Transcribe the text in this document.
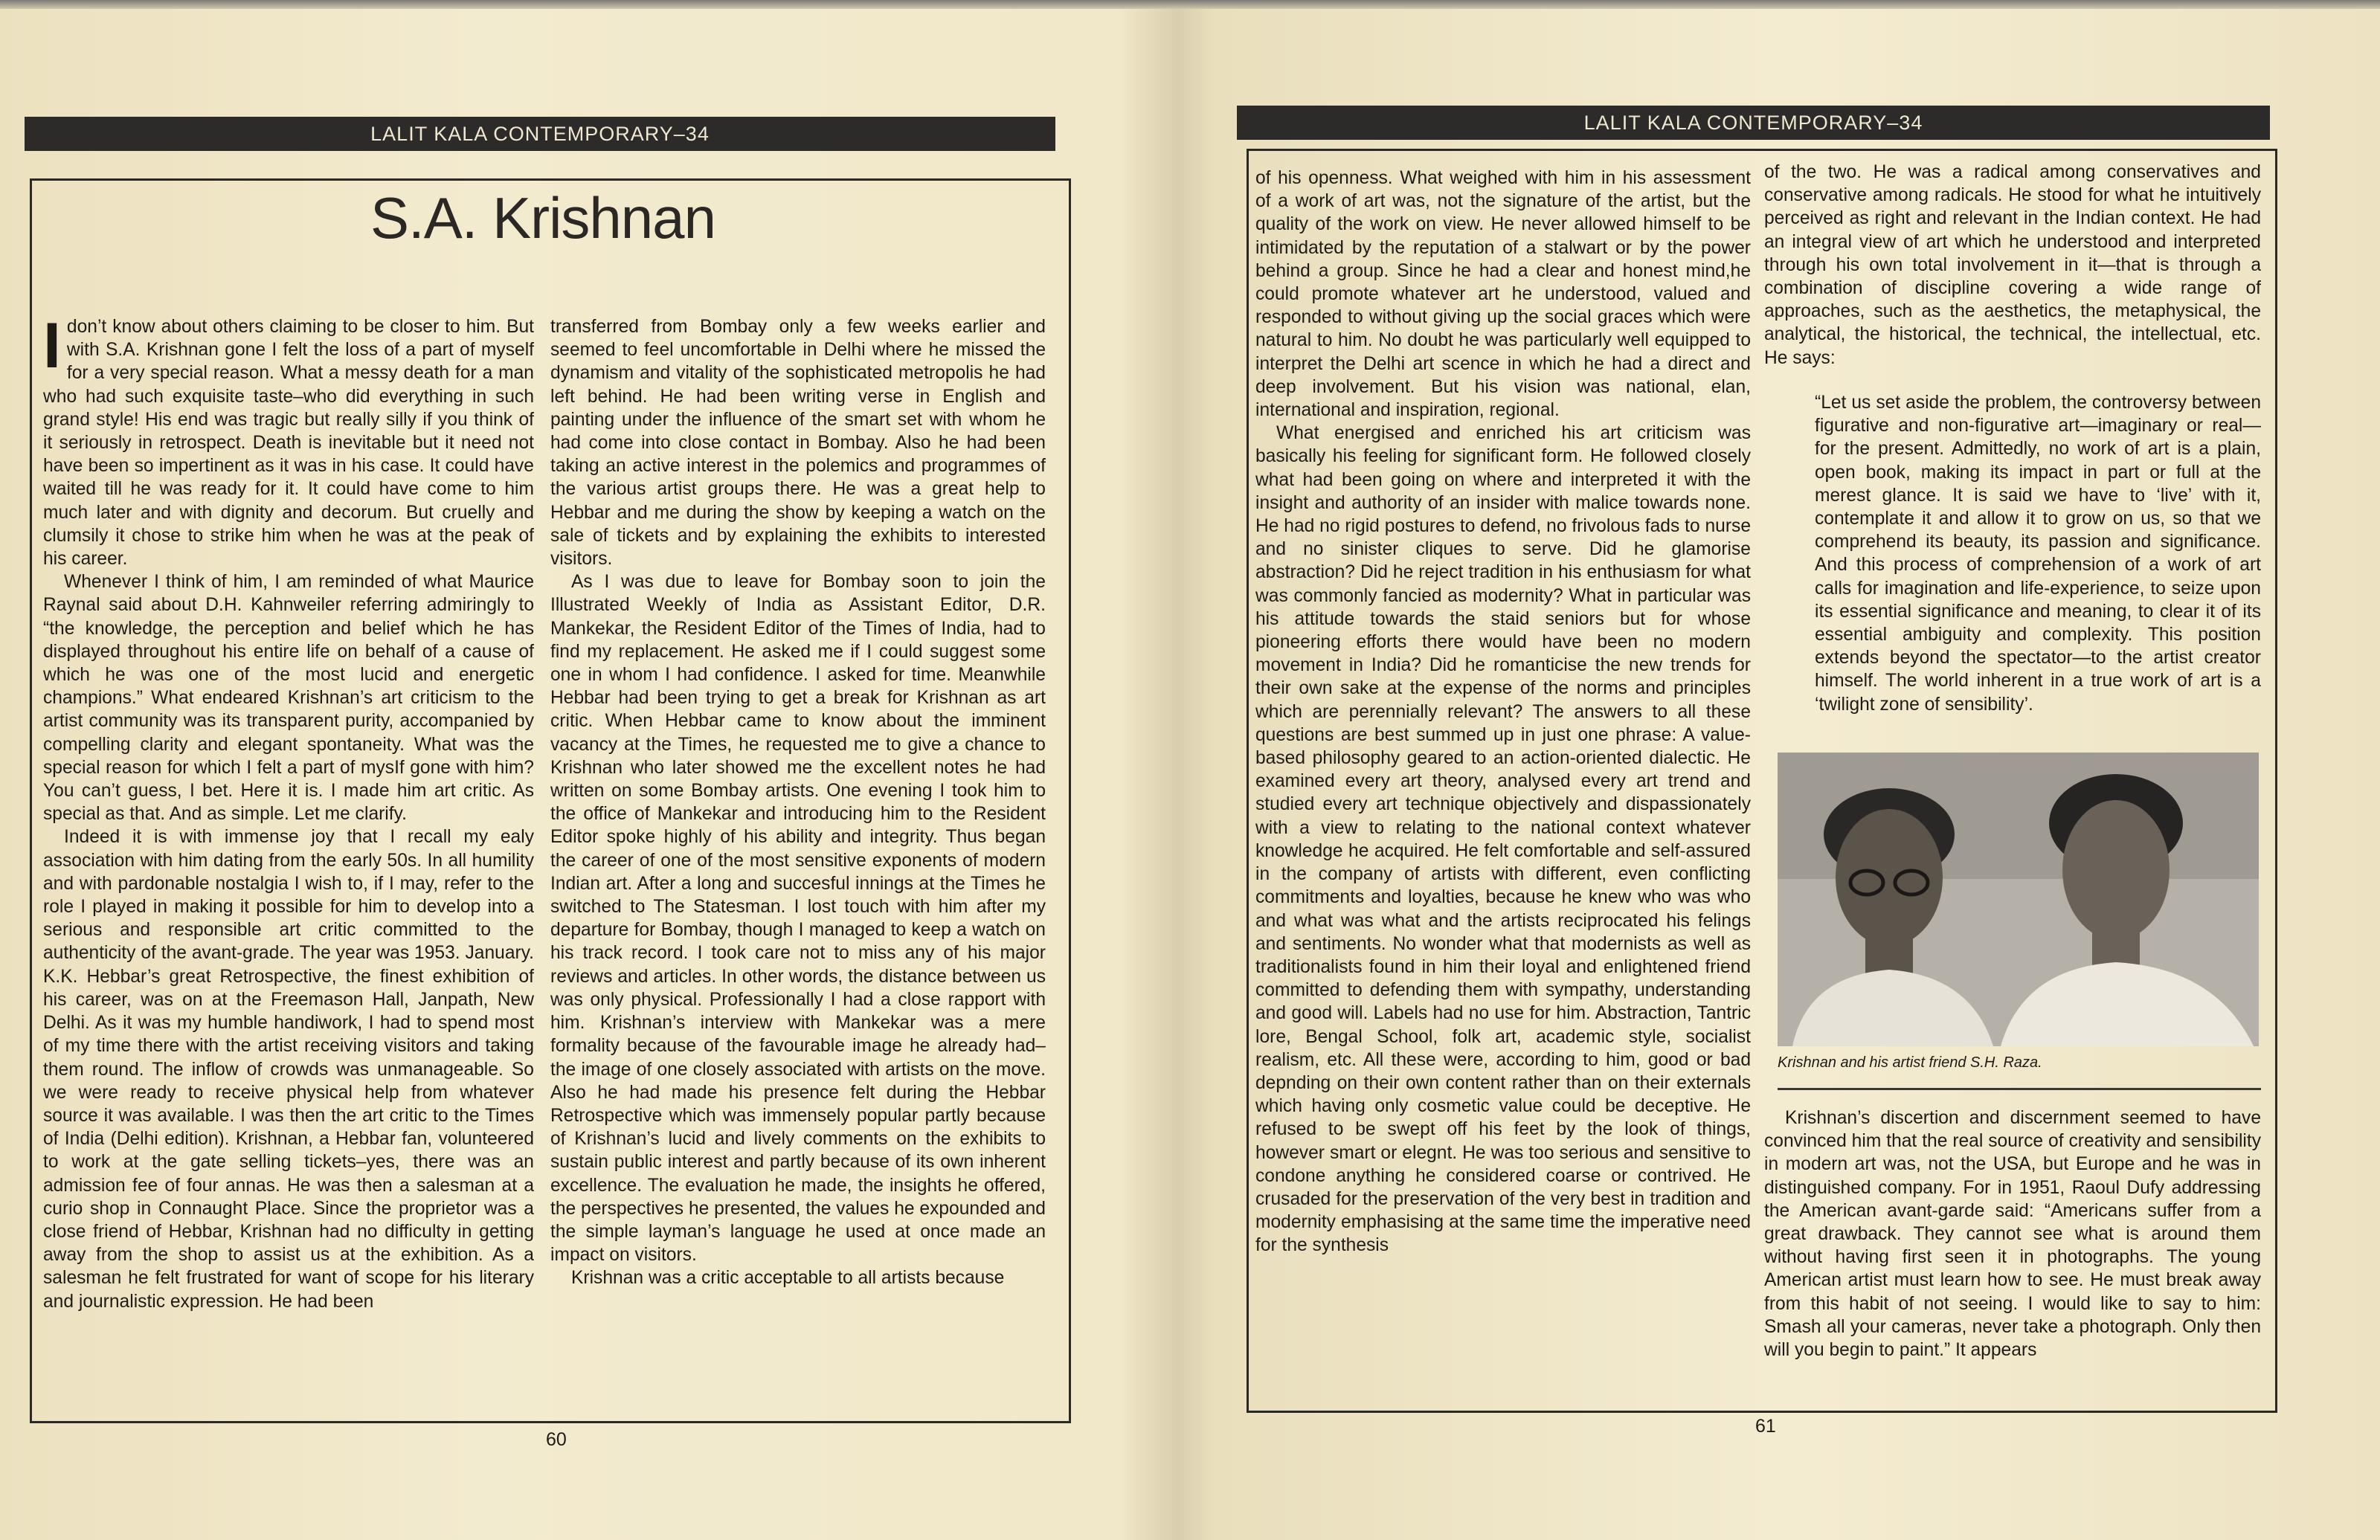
LALIT KALA CONTEMPORARY–34
S.A. Krishnan

Idon’t know about others claiming to be closer to him. But with S.A. Krishnan gone I felt the loss of a part of myself for a very special reason. What a messy death for a man who had such exquisite taste–who did everything in such grand style! His end was tragic but really silly if you think of it seriously in retrospect. Death is inevitable but it need not have been so impertinent as it was in his case. It could have waited till he was ready for it. It could have come to him much later and with dignity and decorum. But cruelly and clumsily it chose to strike him when he was at the peak of his career.

Whenever I think of him, I am reminded of what Maurice Raynal said about D.H. Kahnweiler referring admiringly to “the knowledge, the perception and belief which he has displayed throughout his entire life on behalf of a cause of which he was one of the most lucid and energetic champions.” What endeared Krishnan’s art criticism to the artist community was its transparent purity, accompanied by compelling clarity and elegant spontaneity. What was the special reason for which I felt a part of mysIf gone with him? You can’t guess, I bet. Here it is. I made him art critic. As special as that. And as simple. Let me clarify.

Indeed it is with immense joy that I recall my ealy association with him dating from the early 50s. In all humility and with pardonable nostalgia I wish to, if I may, refer to the role I played in making it possible for him to develop into a serious and responsible art critic committed to the authenticity of the avant-grade. The year was 1953. January. K.K. Hebbar’s great Retrospective, the finest exhibition of his career, was on at the Freemason Hall, Janpath, New Delhi. As it was my humble handiwork, I had to spend most of my time there with the artist receiving visitors and taking them round. The inflow of crowds was unmanageable. So we were ready to receive physical help from whatever source it was available. I was then the art critic to the Times of India (Delhi edition). Krishnan, a Hebbar fan, volunteered to work at the gate selling tickets–yes, there was an admission fee of four annas. He was then a salesman at a curio shop in Connaught Place. Since the proprietor was a close friend of Hebbar, Krishnan had no difficulty in getting away from the shop to assist us at the exhibition. As a salesman he felt frustrated for want of scope for his literary and journalistic expression. He had been

transferred from Bombay only a few weeks earlier and seemed to feel uncomfortable in Delhi where he missed the dynamism and vitality of the sophisticated metropolis he had left behind. He had been writing verse in English and painting under the influence of the smart set with whom he had come into close contact in Bombay. Also he had been taking an active interest in the polemics and programmes of the various artist groups there. He was a great help to Hebbar and me during the show by keeping a watch on the sale of tickets and by explaining the exhibits to interested visitors.

As I was due to leave for Bombay soon to join the Illustrated Weekly of India as Assistant Editor, D.R. Mankekar, the Resident Editor of the Times of India, had to find my replacement. He asked me if I could suggest some one in whom I had confidence. I asked for time. Meanwhile Hebbar had been trying to get a break for Krishnan as art critic. When Hebbar came to know about the imminent vacancy at the Times, he requested me to give a chance to Krishnan who later showed me the excellent notes he had written on some Bombay artists. One evening I took him to the office of Mankekar and introducing him to the Resident Editor spoke highly of his ability and integrity. Thus began the career of one of the most sensitive exponents of modern Indian art. After a long and succesful innings at the Times he switched to The Statesman. I lost touch with him after my departure for Bombay, though I managed to keep a watch on his track record. I took care not to miss any of his major reviews and articles. In other words, the distance between us was only physical. Professionally I had a close rapport with him. Krishnan’s interview with Mankekar was a mere formality because of the favourable image he already had–the image of one closely associated with artists on the move. Also he had made his presence felt during the Hebbar Retrospective which was immensely popular partly because of Krishnan’s lucid and lively comments on the exhibits to sustain public interest and partly because of its own inherent excellence. The evaluation he made, the insights he offered, the perspectives he presented, the values he expounded and the simple layman’s language he used at once made an impact on visitors.

Krishnan was a critic acceptable to all artists because

60
LALIT KALA CONTEMPORARY–34

of his openness. What weighed with him in his assessment of a work of art was, not the signature of the artist, but the quality of the work on view. He never allowed himself to be intimidated by the reputation of a stalwart or by the power behind a group. Since he had a clear and honest mind,he could promote whatever art he understood, valued and responded to without giving up the social graces which were natural to him. No doubt he was particularly well equipped to interpret the Delhi art scence in which he had a direct and deep involvement. But his vision was national, elan, international and inspiration, regional.

What energised and enriched his art criticism was basically his feeling for significant form. He followed closely what had been going on where and interpreted it with the insight and authority of an insider with malice towards none. He had no rigid postures to defend, no frivolous fads to nurse and no sinister cliques to serve. Did he glamorise abstraction? Did he reject tradition in his enthusiasm for what was commonly fancied as modernity? What in particular was his attitude towards the staid seniors but for whose pioneering efforts there would have been no modern movement in India? Did he romanticise the new trends for their own sake at the expense of the norms and principles which are perennially relevant? The answers to all these questions are best summed up in just one phrase: A value-based philosophy geared to an action-oriented dialectic. He examined every art theory, analysed every art trend and studied every art technique objectively and dispassionately with a view to relating to the national context whatever knowledge he acquired. He felt comfortable and self-assured in the company of artists with different, even conflicting commitments and loyalties, because he knew who was who and what was what and the artists reciprocated his felings and sentiments. No wonder what that modernists as well as traditionalists found in him their loyal and enlightened friend committed to defending them with sympathy, understanding and good will. Labels had no use for him. Abstraction, Tantric lore, Bengal School, folk art, academic style, socialist realism, etc. All these were, according to him, good or bad depnding on their own content rather than on their externals which having only cosmetic value could be deceptive. He refused to be swept off his feet by the look of things, however smart or elegnt. He was too serious and sensitive to condone anything he considered coarse or contrived. He crusaded for the preservation of the very best in tradition and modernity emphasising at the same time the imperative need for the synthesis

of the two. He was a radical among conservatives and conservative among radicals. He stood for what he intuitively perceived as right and relevant in the Indian context. He had an integral view of art which he understood and interpreted through his own total involvement in it—that is through a combination of discipline covering a wide range of approaches, such as the aesthetics, the metaphysical, the analytical, the historical, the technical, the intellectual, etc. He says:

“Let us set aside the problem, the controversy between figurative and non-figurative art—imaginary or real—for the present. Admittedly, no work of art is a plain, open book, making its impact in part or full at the merest glance. It is said we have to ‘live’ with it, contemplate it and allow it to grow on us, so that we comprehend its beauty, its passion and significance. And this process of comprehension of a work of art calls for imagination and life-experience, to seize upon its essential significance and meaning, to clear it of its essential ambiguity and complexity. This position extends beyond the spectator—to the artist creator himself. The world inherent in a true work of art is a ‘twilight zone of sensibility’.
Krishnan and his artist friend S.H. Raza.

Krishnan’s discertion and discernment seemed to have convinced him that the real source of creativity and sensibility in modern art was, not the USA, but Europe and he was in distinguished company. For in 1951, Raoul Dufy addressing the American avant-garde said: “Americans suffer from a great drawback. They cannot see what is around them without having first seen it in photographs. The young American artist must learn how to see. He must break away from this habit of not seeing. I would like to say to him: Smash all your cameras, never take a photograph. Only then will you begin to paint.” It appears

61
